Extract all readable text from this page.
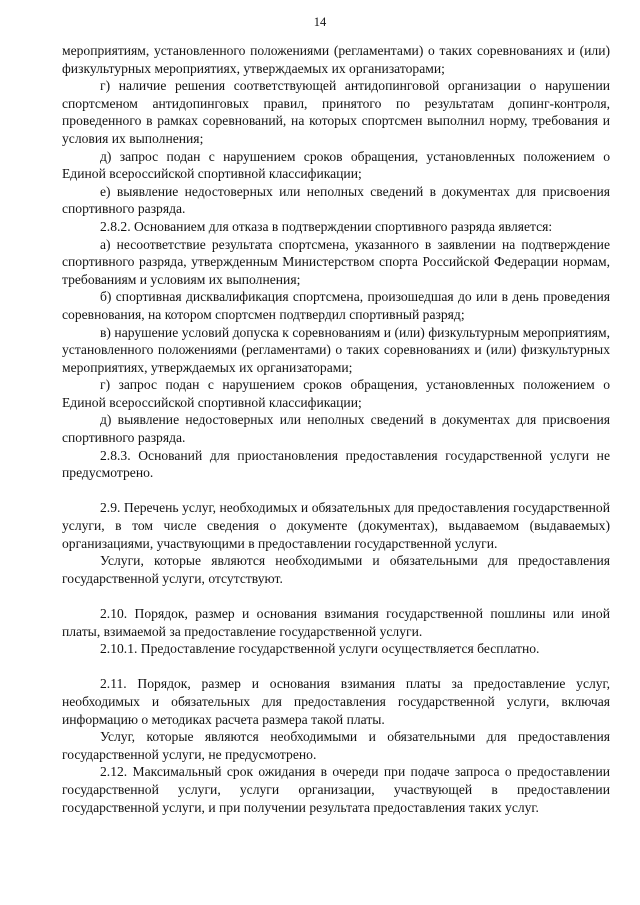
14

мероприятиям, установленного положениями (регламентами) о таких соревнованиях и (или) физкультурных мероприятиях, утверждаемых их организаторами;

г) наличие решения соответствующей антидопинговой организации о нарушении спортсменом антидопинговых правил, принятого по результатам допинг-контроля, проведенного в рамках соревнований, на которых спортсмен выполнил норму, требования и условия их выполнения;

д) запрос подан с нарушением сроков обращения, установленных положением о Единой всероссийской спортивной классификации;

е) выявление недостоверных или неполных сведений в документах для присвоения спортивного разряда.

2.8.2. Основанием для отказа в подтверждении спортивного разряда является:

а) несоответствие результата спортсмена, указанного в заявлении на подтверждение спортивного разряда, утвержденным Министерством спорта Российской Федерации нормам, требованиям и условиям их выполнения;

б) спортивная дисквалификация спортсмена, произошедшая до или в день проведения соревнования, на котором спортсмен подтвердил спортивный разряд;

в) нарушение условий допуска к соревнованиям и (или) физкультурным мероприятиям, установленного положениями (регламентами) о таких соревнованиях и (или) физкультурных мероприятиях, утверждаемых их организаторами;

г) запрос подан с нарушением сроков обращения, установленных положением о Единой всероссийской спортивной классификации;

д) выявление недостоверных или неполных сведений в документах для присвоения спортивного разряда.

2.8.3. Оснований для приостановления предоставления государственной услуги не предусмотрено.

2.9. Перечень услуг, необходимых и обязательных для предоставления государственной услуги, в том числе сведения о документе (документах), выдаваемом (выдаваемых) организациями, участвующими в предоставлении государственной услуги.

Услуги, которые являются необходимыми и обязательными для предоставления государственной услуги, отсутствуют.

2.10. Порядок, размер и основания взимания государственной пошлины или иной платы, взимаемой за предоставление государственной услуги.

2.10.1. Предоставление государственной услуги осуществляется бесплатно.

2.11. Порядок, размер и основания взимания платы за предоставление услуг, необходимых и обязательных для предоставления государственной услуги, включая информацию о методиках расчета размера такой платы.

Услуг, которые являются необходимыми и обязательными для предоставления государственной услуги, не предусмотрено.

2.12. Максимальный срок ожидания в очереди при подаче запроса о предоставлении государственной услуги, услуги организации, участвующей в предоставлении государственной услуги, и при получении результата предоставления таких услуг.
